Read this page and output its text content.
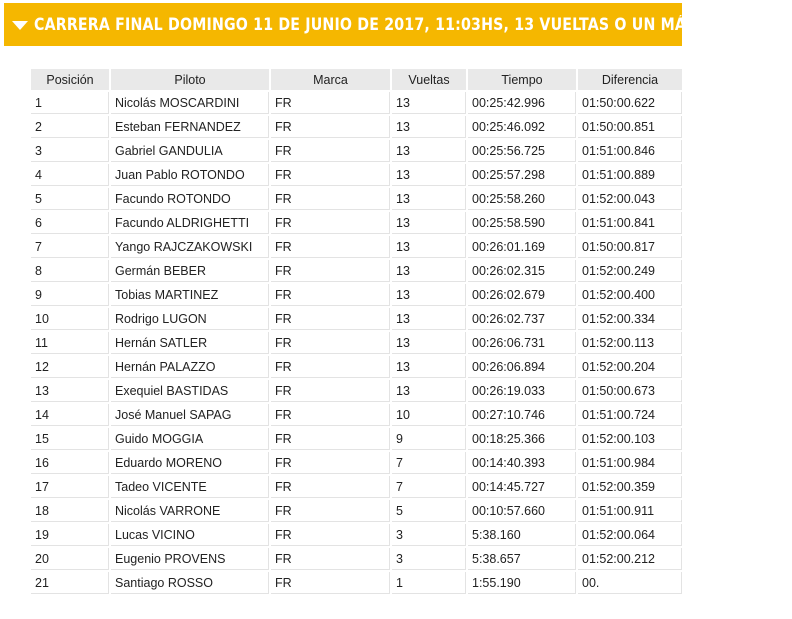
CARRERA FINAL DOMINGO 11 DE JUNIO DE 2017, 11:03HS, 13 VUELTAS O UN MÁX. DE 25MIN.
Posición	Piloto	Marca	Vueltas	Tiempo	Diferencia
1	Nicolás MOSCARDINI	FR	13	00:25:42.996	01:50:00.622
2	Esteban FERNANDEZ	FR	13	00:25:46.092	01:50:00.851
3	Gabriel GANDULIA	FR	13	00:25:56.725	01:51:00.846
4	Juan Pablo ROTONDO	FR	13	00:25:57.298	01:51:00.889
5	Facundo ROTONDO	FR	13	00:25:58.260	01:52:00.043
6	Facundo ALDRIGHETTI	FR	13	00:25:58.590	01:51:00.841
7	Yango RAJCZAKOWSKI	FR	13	00:26:01.169	01:50:00.817
8	Germán BEBER	FR	13	00:26:02.315	01:52:00.249
9	Tobias MARTINEZ	FR	13	00:26:02.679	01:52:00.400
10	Rodrigo LUGON	FR	13	00:26:02.737	01:52:00.334
11	Hernán SATLER	FR	13	00:26:06.731	01:52:00.113
12	Hernán PALAZZO	FR	13	00:26:06.894	01:52:00.204
13	Exequiel BASTIDAS	FR	13	00:26:19.033	01:50:00.673
14	José Manuel SAPAG	FR	10	00:27:10.746	01:51:00.724
15	Guido MOGGIA	FR	9	00:18:25.366	01:52:00.103
16	Eduardo MORENO	FR	7	00:14:40.393	01:51:00.984
17	Tadeo VICENTE	FR	7	00:14:45.727	01:52:00.359
18	Nicolás VARRONE	FR	5	00:10:57.660	01:51:00.911
19	Lucas VICINO	FR	3	5:38.160	01:52:00.064
20	Eugenio PROVENS	FR	3	5:38.657	01:52:00.212
21	Santiago ROSSO	FR	1	1:55.190	00.
